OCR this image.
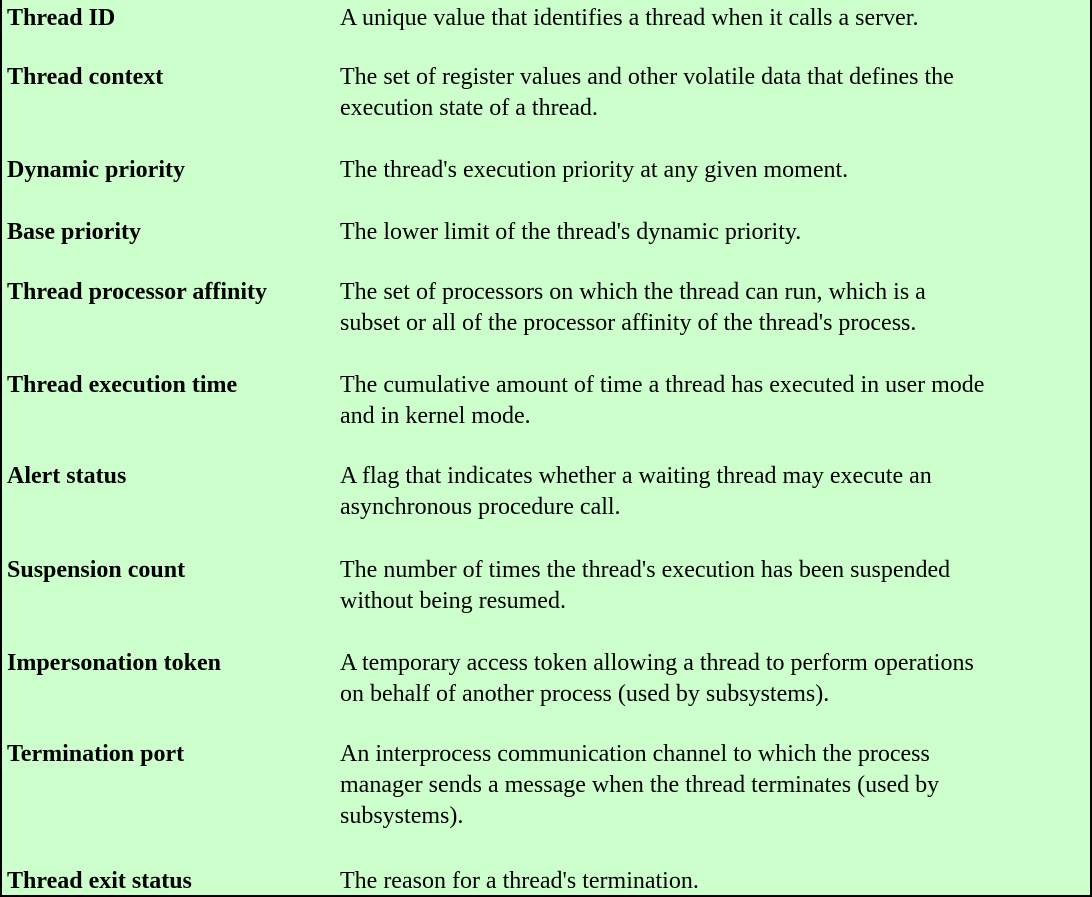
Thread ID	A unique value that identifies a thread when it calls a server.
Thread context	The set of register values and other volatile data that defines the
execution state of a thread.
Dynamic priority	The thread's execution priority at any given moment.
Base priority	The lower limit of the thread's dynamic priority.
Thread processor affinity	The set of processors on which the thread can run, which is a
subset or all of the processor affinity of the thread's process.
Thread execution time	The cumulative amount of time a thread has executed in user mode
and in kernel mode.
Alert status	A flag that indicates whether a waiting thread may execute an
asynchronous procedure call.
Suspension count	The number of times the thread's execution has been suspended
without being resumed.
Impersonation token	A temporary access token allowing a thread to perform operations
on behalf of another process (used by subsystems).
Termination port	An interprocess communication channel to which the process
manager sends a message when the thread terminates (used by
subsystems).
Thread exit status	The reason for a thread's termination.
